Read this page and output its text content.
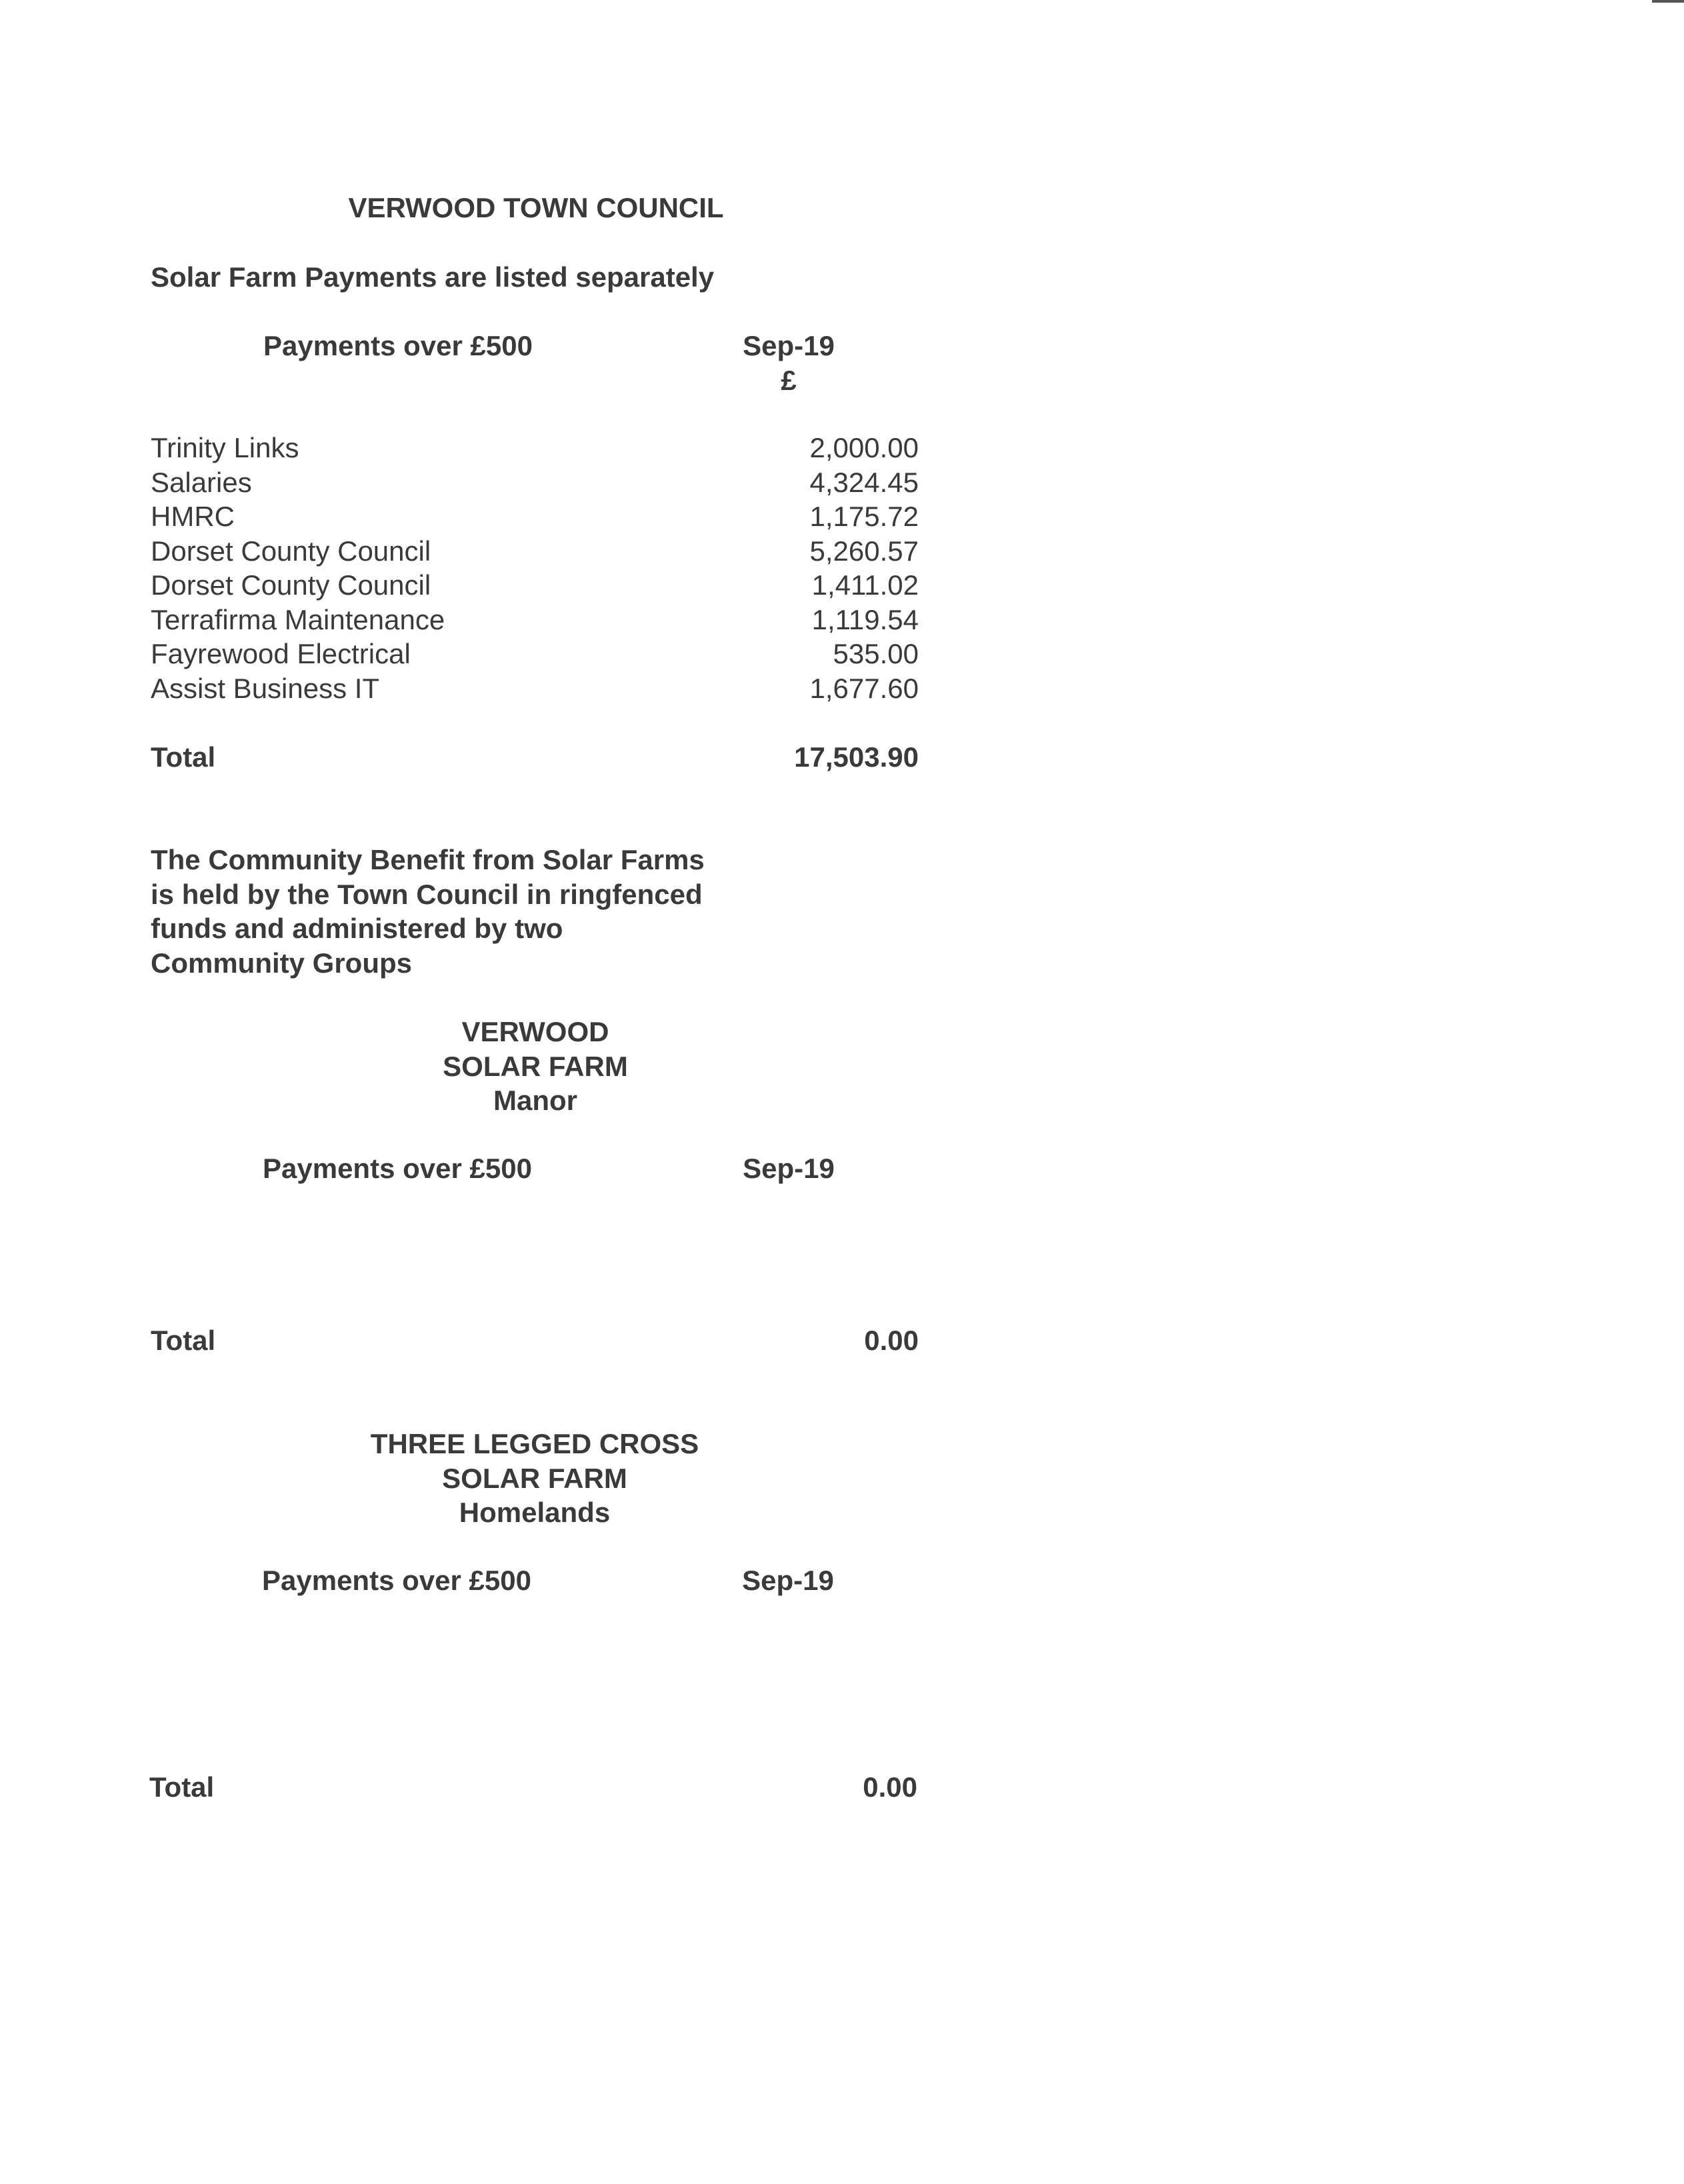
VERWOOD TOWN COUNCIL
Solar Farm Payments are listed separately
Payments over £500	Sep-19
£
Trinity Links	2,000.00
Salaries	4,324.45
HMRC	1,175.72
Dorset County Council	5,260.57
Dorset County Council	1,411.02
Terrafirma Maintenance	1,119.54
Fayrewood Electrical	535.00
Assist Business IT	1,677.60
Total	17,503.90
The Community Benefit from Solar Farms
is held by the Town Council in ringfenced
funds and administered by two
Community Groups
VERWOOD
SOLAR FARM
Manor
Payments over £500	Sep-19
Total	0.00
THREE LEGGED CROSS
SOLAR FARM
Homelands
Payments over £500	Sep-19
Total	0.00
